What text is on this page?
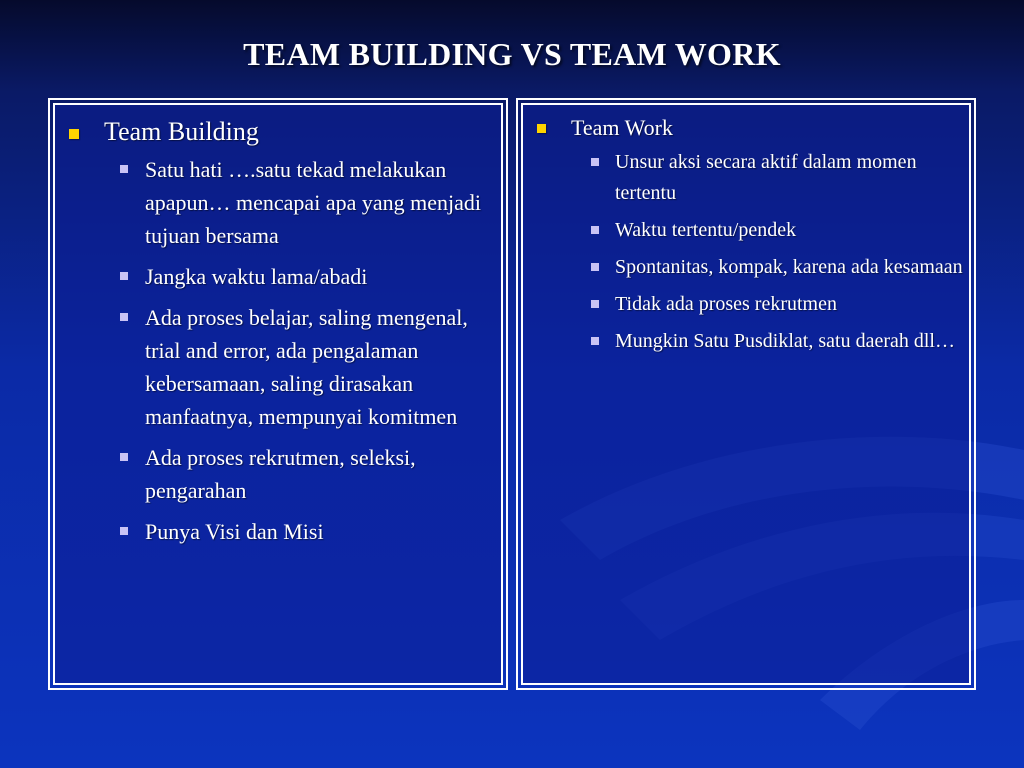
TEAM BUILDING VS TEAM WORK

Team Building

Satu hati ….satu tekad melakukan apapun… mencapai apa yang menjadi tujuan bersama
Jangka waktu lama/abadi
Ada proses belajar, saling mengenal, trial and error, ada pengalaman kebersamaan, saling dirasakan manfaatnya, mempunyai komitmen
Ada proses rekrutmen, seleksi, pengarahan
Punya Visi dan Misi

Team Work

Unsur aksi secara aktif dalam momen tertentu
Waktu tertentu/pendek
Spontanitas, kompak, karena ada kesamaan
Tidak ada proses rekrutmen
Mungkin Satu Pusdiklat, satu daerah dll…
